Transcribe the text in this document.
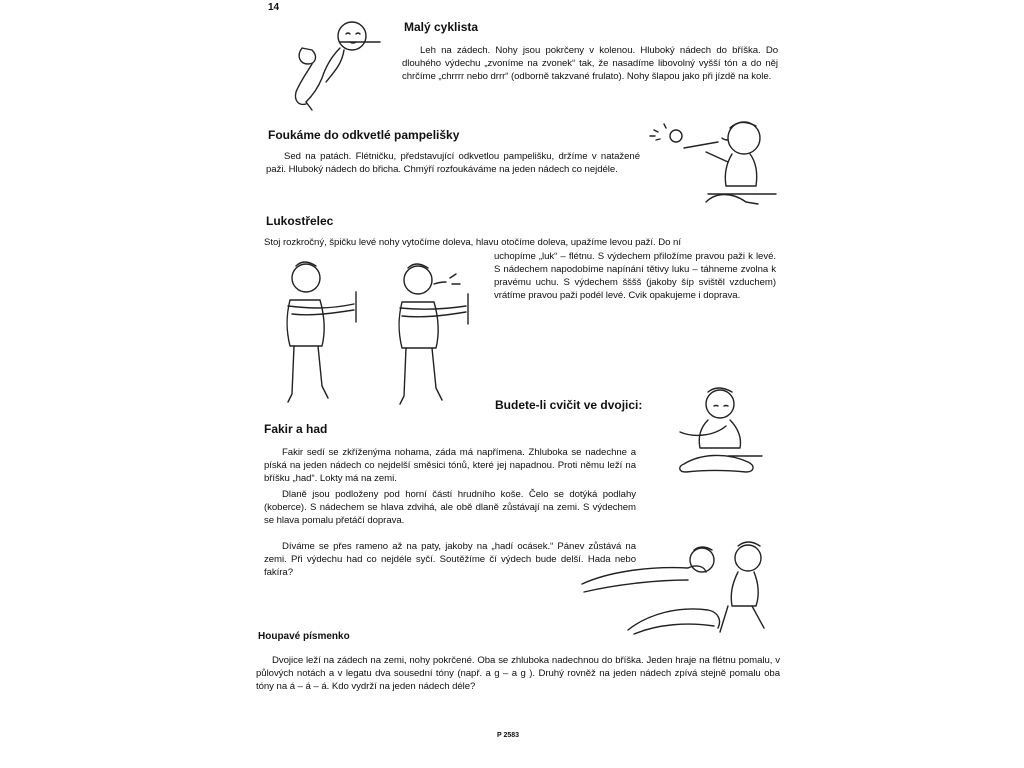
14
Malý cyklista

Leh na zádech. Nohy jsou pokrčeny v kolenou. Hluboký nádech do bříška. Do dlouhého výdechu „zvoníme na zvonek“ tak, že nasadíme libovolný vyšší tón a do něj chrčíme „chrrrr nebo drrr“ (odborně takzvané frulato). Nohy šlapou jako při jízdě na kole.

Foukáme do odkvetlé pampelišky

Sed na patách. Flétničku, představující odkvetlou pampelišku, držíme v natažené paži. Hluboký nádech do břicha. Chmýří rozfoukáváme na jeden nádech co nejdéle.

Lukostřelec

Stoj rozkročný, špičku levé nohy vytočíme doleva, hlavu otočíme doleva, upažíme levou paží. Do ní

uchopíme „luk“ – flétnu. S výdechem přiložíme pravou paži k levé. S nádechem napodobíme napínání tětivy luku – táhneme zvolna k pravému uchu. S výdechem šššš (jakoby šíp svištěl vzduchem) vrátíme pravou paži podél levé. Cvik opakujeme i doprava.

Budete-li cvičit ve dvojici:
Fakir a had

Fakir sedí se zkříženýma nohama, záda má napřímena. Zhluboka se nadechne a píská na jeden nádech co nejdelší směsici tónů, které jej napadnou. Proti němu leží na bříšku „had“. Lokty má na zemi.

Dlaně jsou podloženy pod horní částí hrudního koše. Čelo se dotýká podlahy (koberce). S nádechem se hlava zdvihá, ale obě dlaně zůstávají na zemi. S výdechem se hlava pomalu přetáčí doprava.

Díváme se přes rameno až na paty, jakoby na „hadí ocásek.“ Pánev zůstává na zemi. Při výdechu had co nejdéle syčí. Soutěžíme čí výdech bude delší. Hada nebo fakíra?

Houpavé písmenko

Dvojice leží na zádech na zemi, nohy pokrčené. Oba se zhluboka nadechnou do bříška. Jeden hraje na flétnu pomalu, v půlových notách a v legatu dva sousední tóny (např. a g – a g ). Druhý rovněž na jeden nádech zpívá stejně pomalu oba tóny na á – á – á. Kdo vydrží na jeden nádech déle?

P 2583
